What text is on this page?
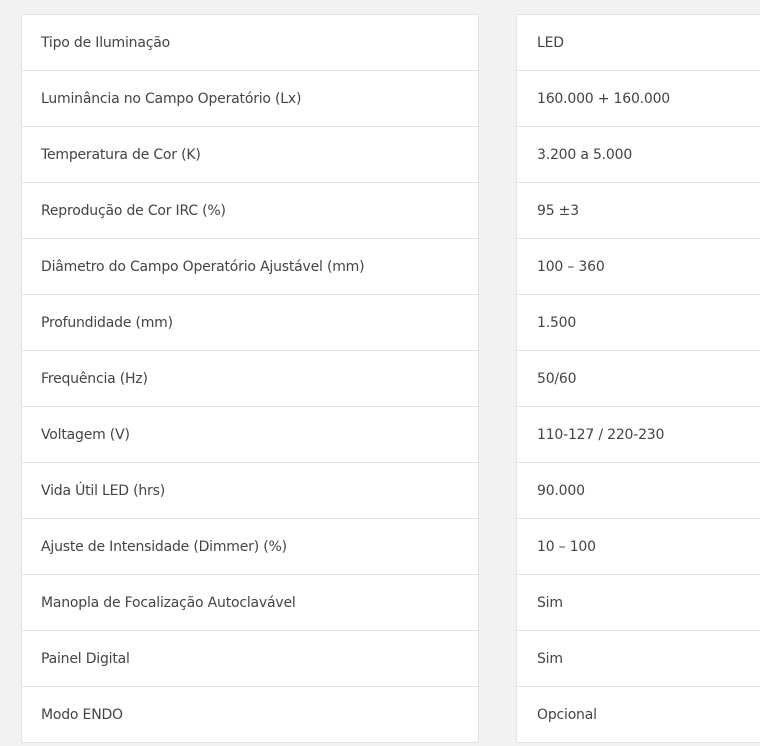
Tipo de Iluminação
Luminância no Campo Operatório (Lx)
Temperatura de Cor (K)
Reprodução de Cor IRC (%)
Diâmetro do Campo Operatório Ajustável (mm)
Profundidade (mm)
Frequência (Hz)
Voltagem (V)
Vida Útil LED (hrs)
Ajuste de Intensidade (Dimmer) (%)
Manopla de Focalização Autoclavável
Painel Digital
Modo ENDO
LED
160.000 + 160.000
3.200 a 5.000
95 ±3
100 – 360
1.500
50/60
110-127 / 220-230
90.000
10 – 100
Sim
Sim
Opcional
